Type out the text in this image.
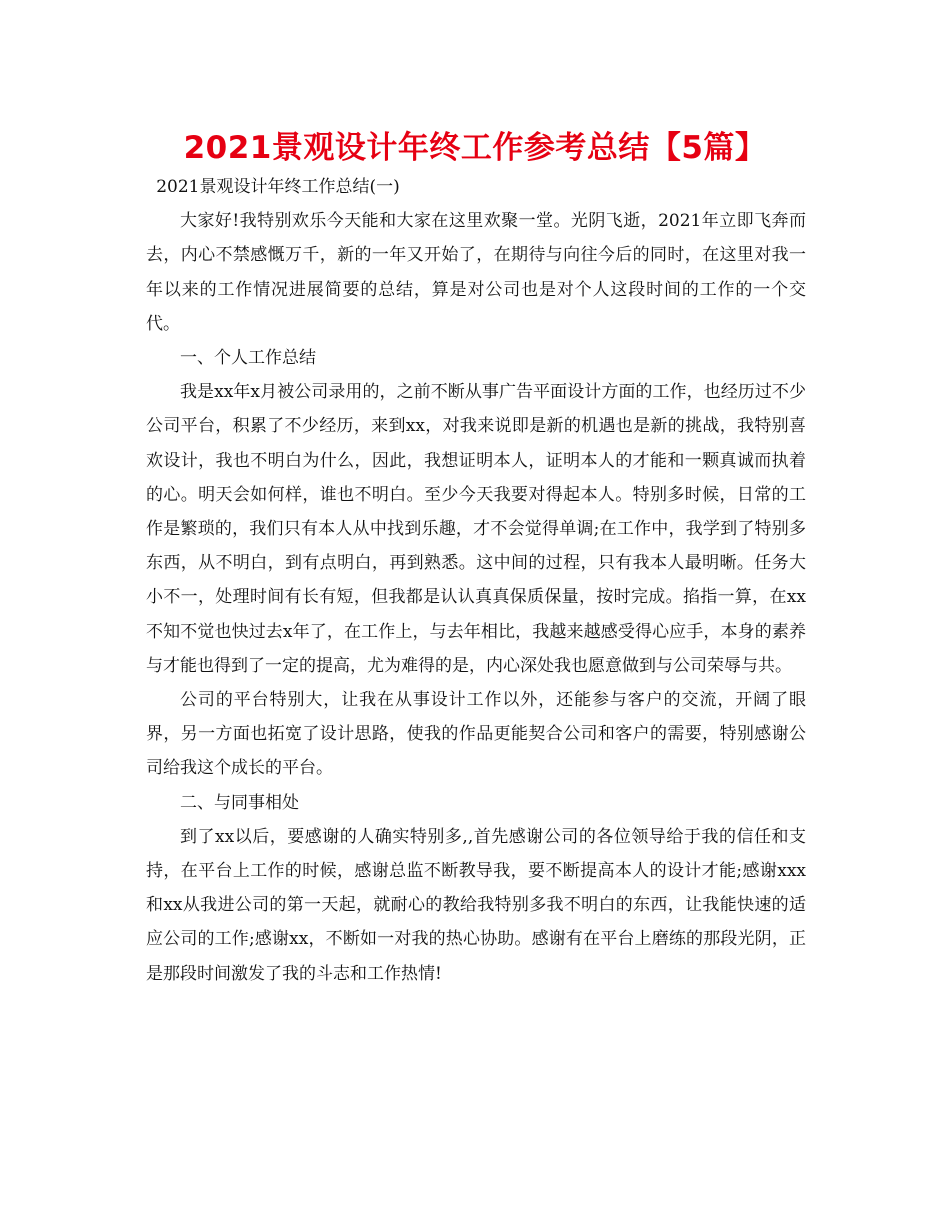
2021景观设计年终工作参考总结【5篇】

2021景观设计年终工作总结(一)

大家好!我特别欢乐今天能和大家在这里欢聚一堂。光阴飞逝，2021年立即飞奔而去，内心不禁感慨万千，新的一年又开始了，在期待与向往今后的同时，在这里对我一年以来的工作情况进展简要的总结，算是对公司也是对个人这段时间的工作的一个交代。

一、个人工作总结

我是xx年x月被公司录用的，之前不断从事广告平面设计方面的工作，也经历过不少公司平台，积累了不少经历，来到xx，对我来说即是新的机遇也是新的挑战，我特别喜欢设计，我也不明白为什么，因此，我想证明本人，证明本人的才能和一颗真诚而执着的心。明天会如何样，谁也不明白。至少今天我要对得起本人。特别多时候，日常的工作是繁琐的，我们只有本人从中找到乐趣，才不会觉得单调;在工作中，我学到了特别多东西，从不明白，到有点明白，再到熟悉。这中间的过程，只有我本人最明晰。任务大小不一，处理时间有长有短，但我都是认认真真保质保量，按时完成。掐指一算，在xx不知不觉也快过去x年了，在工作上，与去年相比，我越来越感受得心应手，本身的素养与才能也得到了一定的提高，尤为难得的是，内心深处我也愿意做到与公司荣辱与共。

公司的平台特别大，让我在从事设计工作以外，还能参与客户的交流，开阔了眼界，另一方面也拓宽了设计思路，使我的作品更能契合公司和客户的需要，特别感谢公司给我这个成长的平台。

二、与同事相处

到了xx以后，要感谢的人确实特别多,,首先感谢公司的各位领导给于我的信任和支持，在平台上工作的时候，感谢总监不断教导我，要不断提高本人的设计才能;感谢xxx和xx从我进公司的第一天起，就耐心的教给我特别多我不明白的东西，让我能快速的适应公司的工作;感谢xx，不断如一对我的热心协助。感谢有在平台上磨练的那段光阴，正是那段时间激发了我的斗志和工作热情!
